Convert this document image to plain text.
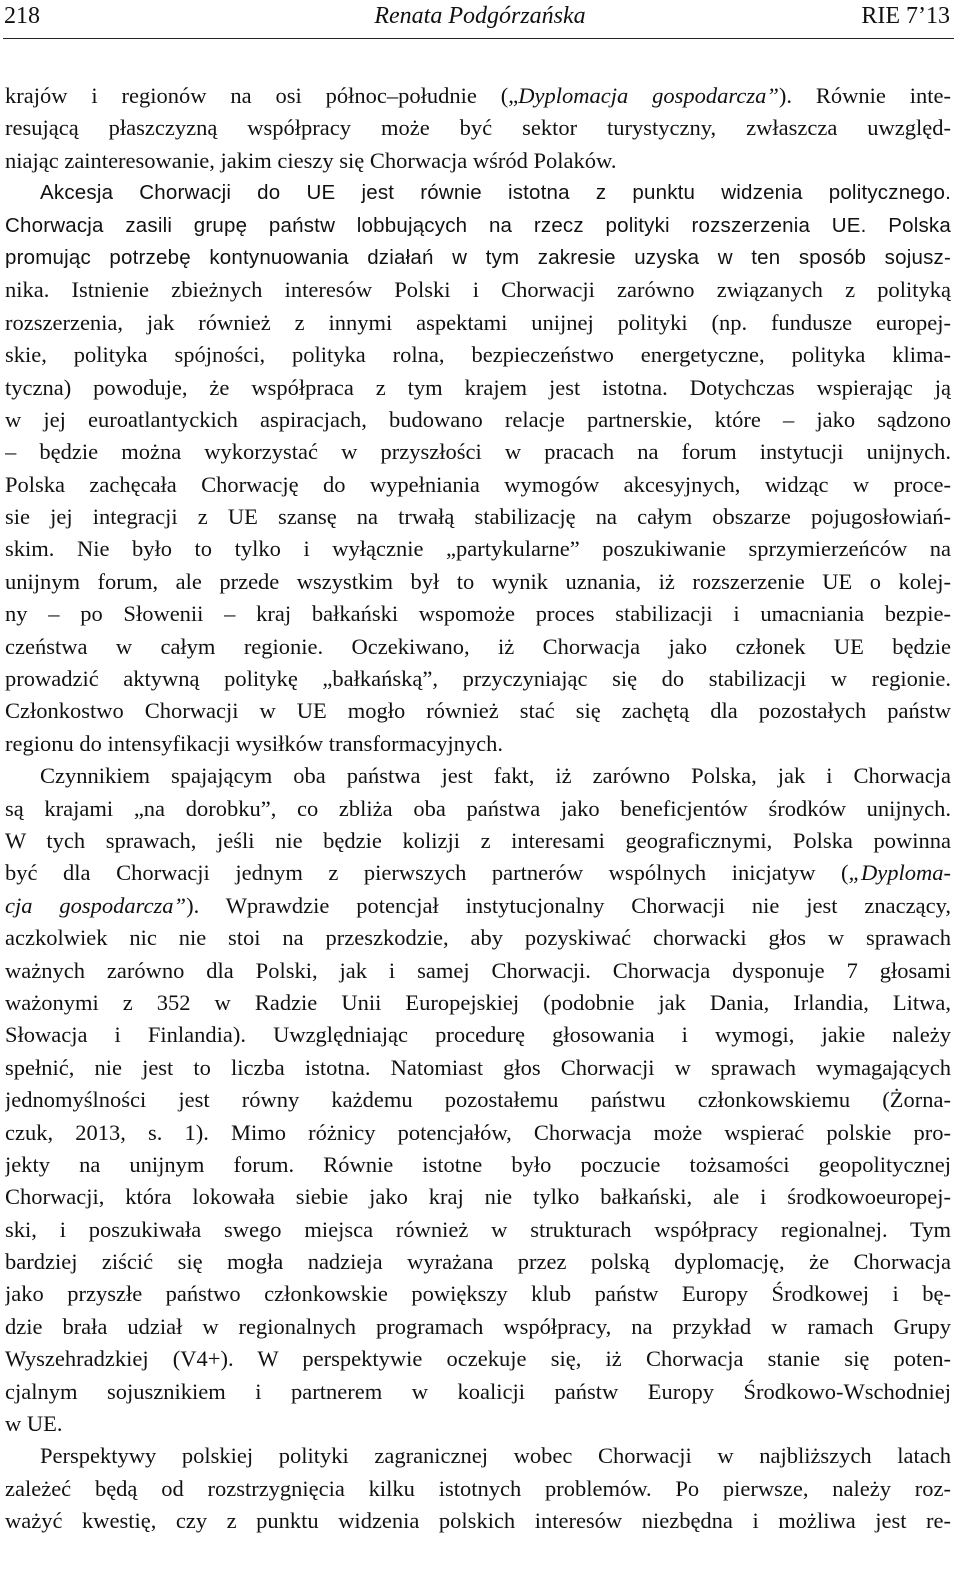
218	Renata Podgórzańska	RIE 7’13
krajów i regionów na osi północ–południe („Dyplomacja gospodarcza”). Równie inte-
resującą płaszczyzną współpracy może być sektor turystyczny, zwłaszcza uwzględ-
niając zainteresowanie, jakim cieszy się Chorwacja wśród Polaków.
Akcesja Chorwacji do UE jest równie istotna z punktu widzenia politycznego.
Chorwacja zasili grupę państw lobbujących na rzecz polityki rozszerzenia UE. Polska
promując potrzebę kontynuowania działań w tym zakresie uzyska w ten sposób sojusz-
nika. Istnienie zbieżnych interesów Polski i Chorwacji zarówno związanych z polityką
rozszerzenia, jak również z innymi aspektami unijnej polityki (np. fundusze europej-
skie, polityka spójności, polityka rolna, bezpieczeństwo energetyczne, polityka klima-
tyczna) powoduje, że współpraca z tym krajem jest istotna. Dotychczas wspierając ją
w jej euroatlantyckich aspiracjach, budowano relacje partnerskie, które – jako sądzono
– będzie można wykorzystać w przyszłości w pracach na forum instytucji unijnych.
Polska zachęcała Chorwację do wypełniania wymogów akcesyjnych, widząc w proce-
sie jej integracji z UE szansę na trwałą stabilizację na całym obszarze pojugosłowiań-
skim. Nie było to tylko i wyłącznie „partykularne” poszukiwanie sprzymierzeńców na
unijnym forum, ale przede wszystkim był to wynik uznania, iż rozszerzenie UE o kolej-
ny – po Słowenii – kraj bałkański wspomoże proces stabilizacji i umacniania bezpie-
czeństwa w całym regionie. Oczekiwano, iż Chorwacja jako członek UE będzie
prowadzić aktywną politykę „bałkańską”, przyczyniając się do stabilizacji w regionie.
Członkostwo Chorwacji w UE mogło również stać się zachętą dla pozostałych państw
regionu do intensyfikacji wysiłków transformacyjnych.
Czynnikiem spajającym oba państwa jest fakt, iż zarówno Polska, jak i Chorwacja
są krajami „na dorobku”, co zbliża oba państwa jako beneficjentów środków unijnych.
W tych sprawach, jeśli nie będzie kolizji z interesami geograficznymi, Polska powinna
być dla Chorwacji jednym z pierwszych partnerów wspólnych inicjatyw („Dyploma-
cja gospodarcza”). Wprawdzie potencjał instytucjonalny Chorwacji nie jest znaczący,
aczkolwiek nic nie stoi na przeszkodzie, aby pozyskiwać chorwacki głos w sprawach
ważnych zarówno dla Polski, jak i samej Chorwacji. Chorwacja dysponuje 7 głosami
ważonymi z 352 w Radzie Unii Europejskiej (podobnie jak Dania, Irlandia, Litwa,
Słowacja i Finlandia). Uwzględniając procedurę głosowania i wymogi, jakie należy
spełnić, nie jest to liczba istotna. Natomiast głos Chorwacji w sprawach wymagających
jednomyślności jest równy każdemu pozostałemu państwu członkowskiemu (Żorna-
czuk, 2013, s. 1). Mimo różnicy potencjałów, Chorwacja może wspierać polskie pro-
jekty na unijnym forum. Równie istotne było poczucie tożsamości geopolitycznej
Chorwacji, która lokowała siebie jako kraj nie tylko bałkański, ale i środkowoeuropej-
ski, i poszukiwała swego miejsca również w strukturach współpracy regionalnej. Tym
bardziej ziścić się mogła nadzieja wyrażana przez polską dyplomację, że Chorwacja
jako przyszłe państwo członkowskie powiększy klub państw Europy Środkowej i bę-
dzie brała udział w regionalnych programach współpracy, na przykład w ramach Grupy
Wyszehradzkiej (V4+). W perspektywie oczekuje się, iż Chorwacja stanie się poten-
cjalnym sojusznikiem i partnerem w koalicji państw Europy Środkowo-Wschodniej
w UE.
Perspektywy polskiej polityki zagranicznej wobec Chorwacji w najbliższych latach
zależeć będą od rozstrzygnięcia kilku istotnych problemów. Po pierwsze, należy roz-
ważyć kwestię, czy z punktu widzenia polskich interesów niezbędna i możliwa jest re-
